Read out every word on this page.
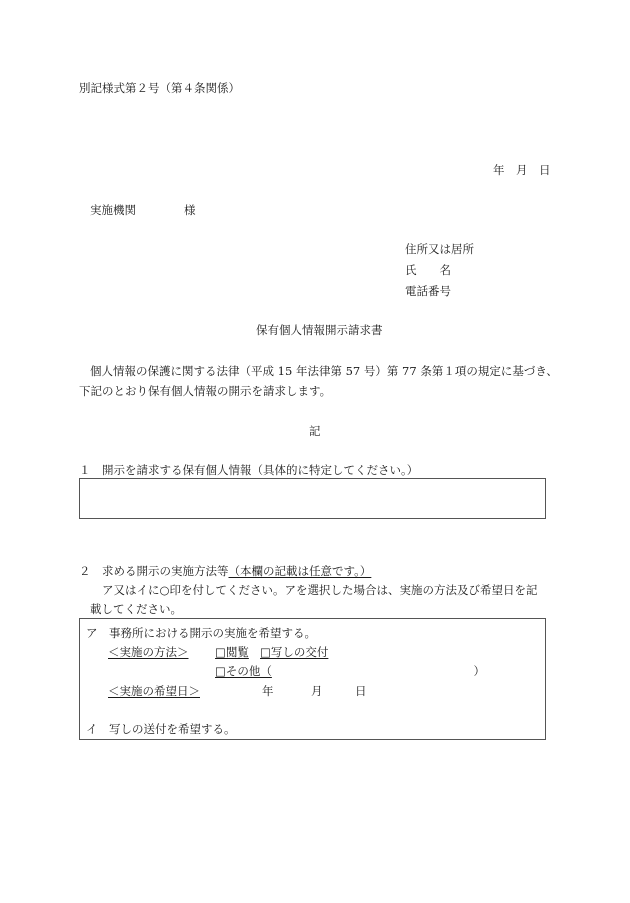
別記様式第２号（第４条関係）
年　月　日
実施機関	様
住所又は居所
氏　　名
電話番号
保有個人情報開示請求書
個人情報の保護に関する法律（平成 15 年法律第 57 号）第 77 条第１項の規定に基づき、
下記のとおり保有個人情報の開示を請求します。
記
１　開示を請求する保有個人情報（具体的に特定してください。）
２　求める開示の実施方法等（本欄の記載は任意です。）
ア又はイに○印を付してください。アを選択した場合は、実施の方法及び希望日を記
載してください。
ア　事務所における開示の実施を希望する。
＜実施の方法＞	□閲覧 □写しの交付
□その他（	）
＜実施の希望日＞	年	月	日
イ　写しの送付を希望する。
